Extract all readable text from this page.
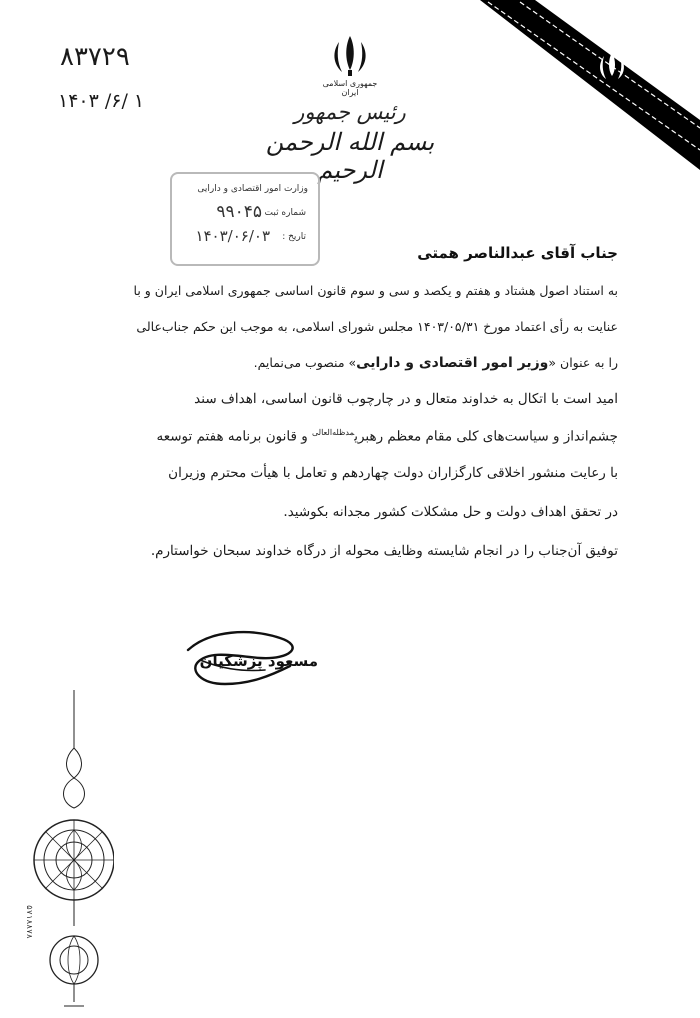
۸۳۷۲۹
۱۴۰۳ /۶/ ۱
جمهوری اسلامی ایران
رئیس جمهور
بسم الله الرحمن الرحیم
وزارت امور اقتصادی و دارایی
شماره ثبت :
۹۹۰۴۵
تاریخ :
۱۴۰۳/۰۶/۰۳
جناب آقای عبدالناصر همتی
به استناد اصول هشتاد و هفتم و یکصد و سی و سوم قانون اساسی جمهوری اسلامی ایران و با
عنایت به رأی اعتماد مورخ ۱۴۰۳/۰۵/۳۱ مجلس شورای اسلامی، به موجب این حکم جناب‌عالی
را به عنوان «وزیر امور اقتصادی و دارایی» منصوب می‌نمایم.
امید است با اتکال به خداوند متعال و در چارچوب قانون اساسی، اهداف سند
چشم‌انداز و سیاست‌های کلی مقام معظم رهبری$^{مدظله‌العالی}$ و قانون برنامه هفتم توسعه
با رعایت منشور اخلاقی کارگزاران دولت چهاردهم و تعامل با هیأت محترم وزیران
در تحقق اهداف دولت و حل مشکلات کشور مجدانه بکوشید.
توفیق آن‌جناب را در انجام شایسته وظایف محوله از درگاه خداوند سبحان خواستارم.
مسعود پزشکیان
۵۷۱۸۸۷۸
